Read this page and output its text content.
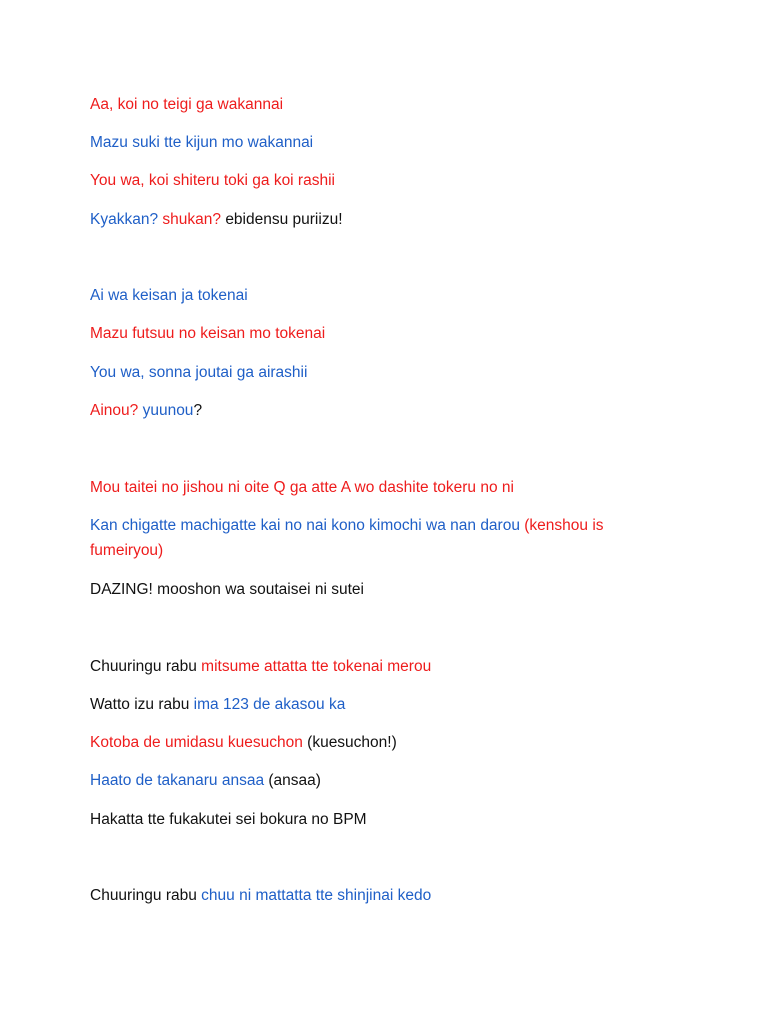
Aa, koi no teigi ga wakannai
Mazu suki tte kijun mo wakannai
You wa, koi shiteru toki ga koi rashii
Kyakkan? shukan? ebidensu puriizu!
Ai wa keisan ja tokenai
Mazu futsuu no keisan mo tokenai
You wa, sonna joutai ga airashii
Ainou? yuunou?
Mou taitei no jishou ni oite Q ga atte A wo dashite tokeru no ni
Kan chigatte machigatte kai no nai kono kimochi wa nan darou (kenshou is fumeiryou)
DAZING! mooshon wa soutaisei ni sutei
Chuuringu rabu mitsume attatta tte tokenai merou
Watto izu rabu ima 123 de akasou ka
Kotoba de umidasu kuesuchon (kuesuchon!)
Haato de takanaru ansaa (ansaa)
Hakatta tte fukakutei sei bokura no BPM
Chuuringu rabu chuu ni mattatta tte shinjinai kedo
